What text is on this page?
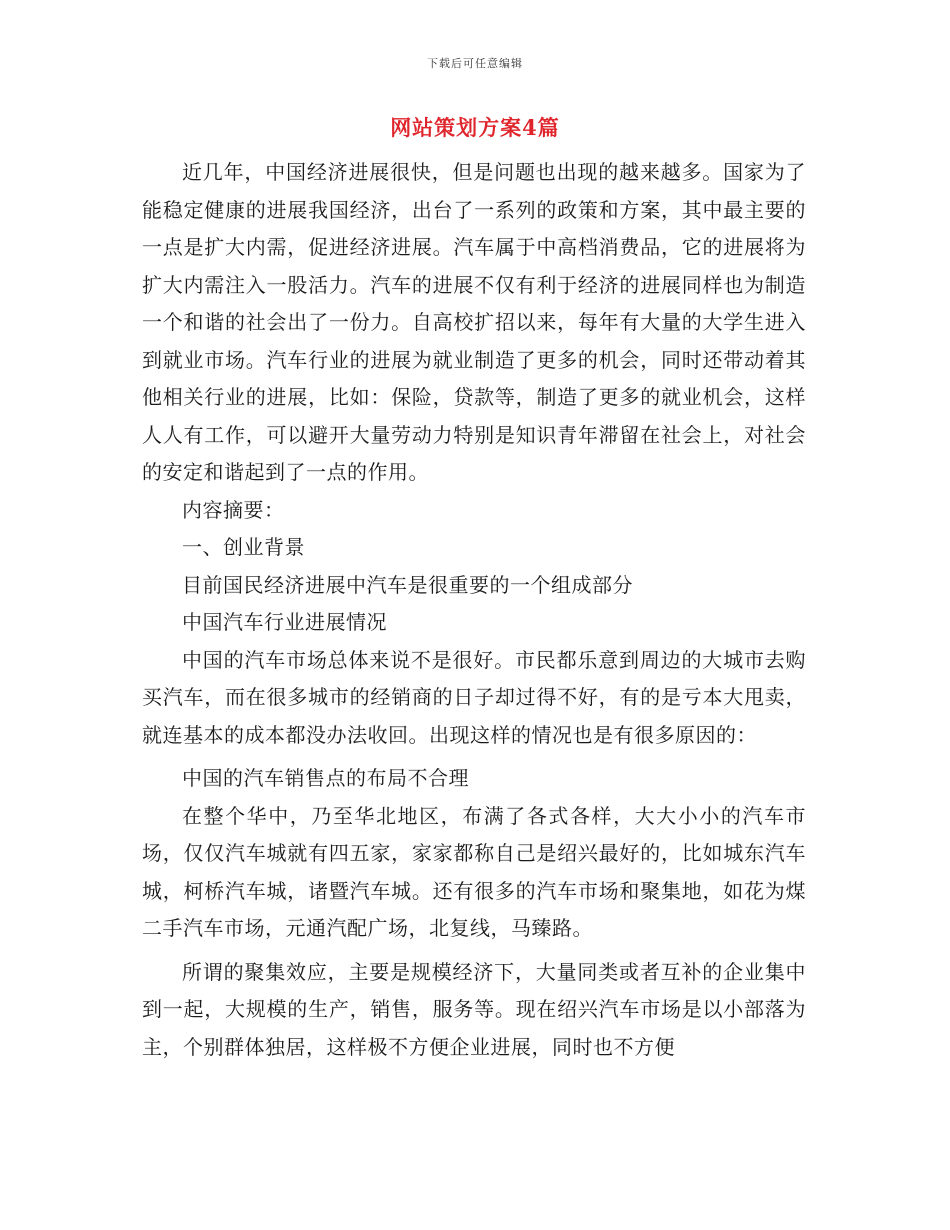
下载后可任意编辑
网站策划方案4篇

近几年，中国经济进展很快，但是问题也出现的越来越多。国家为了能稳定健康的进展我国经济，出台了一系列的政策和方案，其中最主要的一点是扩大内需，促进经济进展。汽车属于中高档消费品，它的进展将为扩大内需注入一股活力。汽车的进展不仅有利于经济的进展同样也为制造一个和谐的社会出了一份力。自高校扩招以来，每年有大量的大学生进入到就业市场。汽车行业的进展为就业制造了更多的机会，同时还带动着其他相关行业的进展，比如：保险，贷款等，制造了更多的就业机会，这样人人有工作，可以避开大量劳动力特别是知识青年滞留在社会上，对社会的安定和谐起到了一点的作用。

内容摘要：

一、创业背景

目前国民经济进展中汽车是很重要的一个组成部分

中国汽车行业进展情况

中国的汽车市场总体来说不是很好。市民都乐意到周边的大城市去购买汽车，而在很多城市的经销商的日子却过得不好，有的是亏本大甩卖，就连基本的成本都没办法收回。出现这样的情况也是有很多原因的：

中国的汽车销售点的布局不合理

在整个华中，乃至华北地区，布满了各式各样，大大小小的汽车市场，仅仅汽车城就有四五家，家家都称自己是绍兴最好的，比如城东汽车城，柯桥汽车城，诸暨汽车城。还有很多的汽车市场和聚集地，如花为煤二手汽车市场，元通汽配广场，北复线，马臻路。

所谓的聚集效应，主要是规模经济下，大量同类或者互补的企业集中到一起，大规模的生产，销售，服务等。现在绍兴汽车市场是以小部落为主，个别群体独居，这样极不方便企业进展，同时也不方便
